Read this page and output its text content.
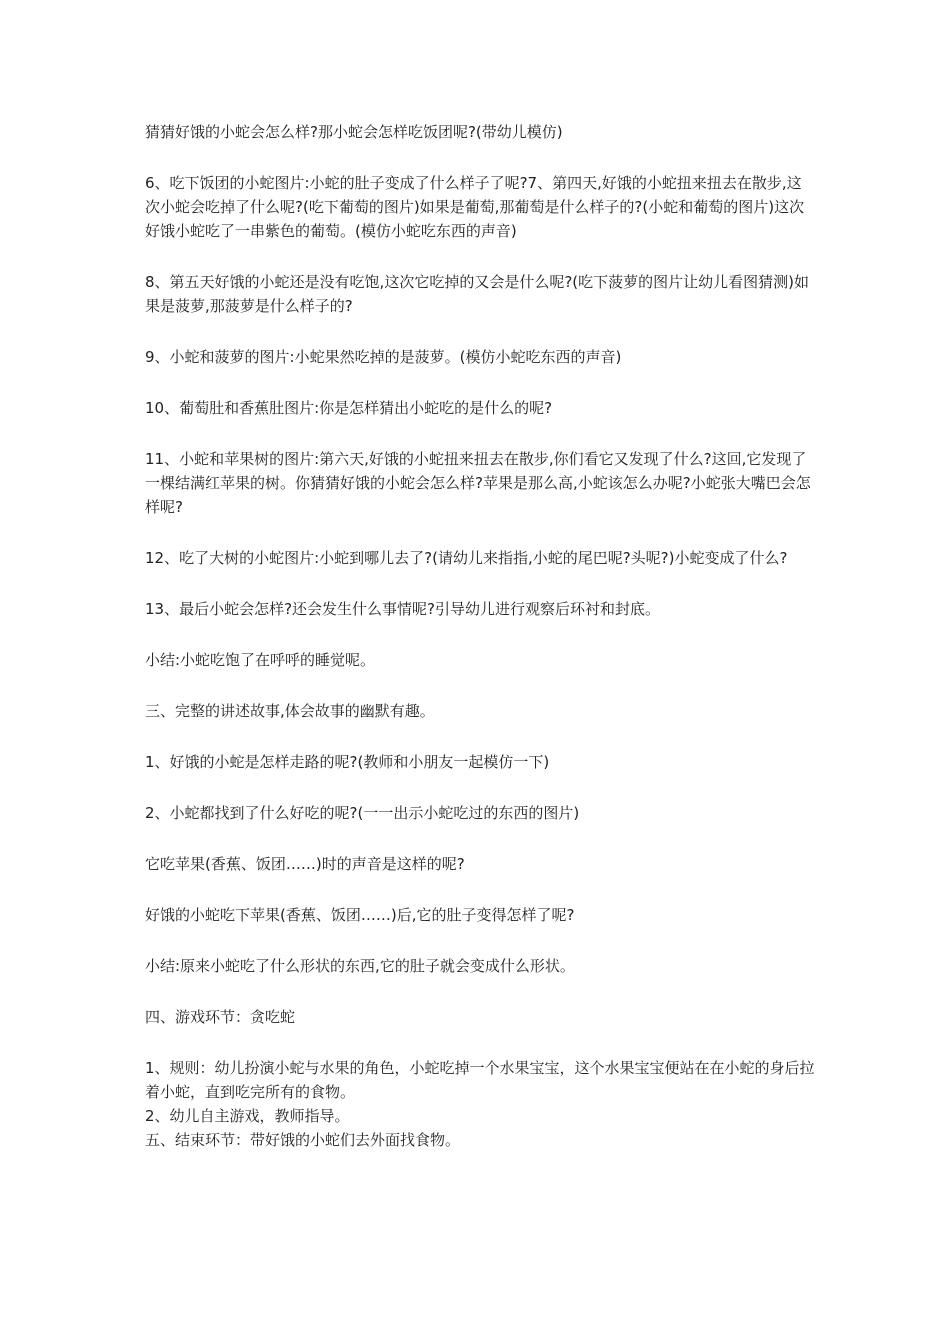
猜猜好饿的小蛇会怎么样?那小蛇会怎样吃饭团呢?(带幼儿模仿)

6、吃下饭团的小蛇图片:小蛇的肚子变成了什么样子了呢?7、第四天,好饿的小蛇扭来扭去在散步,这次小蛇会吃掉了什么呢?(吃下葡萄的图片)如果是葡萄,那葡萄是什么样子的?(小蛇和葡萄的图片)这次好饿小蛇吃了一串紫色的葡萄。(模仿小蛇吃东西的声音)

8、第五天好饿的小蛇还是没有吃饱,这次它吃掉的又会是什么呢?(吃下菠萝的图片让幼儿看图猜测)如果是菠萝,那菠萝是什么样子的?

9、小蛇和菠萝的图片:小蛇果然吃掉的是菠萝。(模仿小蛇吃东西的声音)

10、葡萄肚和香蕉肚图片:你是怎样猜出小蛇吃的是什么的呢?

11、小蛇和苹果树的图片:第六天,好饿的小蛇扭来扭去在散步,你们看它又发现了什么?这回,它发现了一棵结满红苹果的树。你猜猜好饿的小蛇会怎么样?苹果是那么高,小蛇该怎么办呢?小蛇张大嘴巴会怎样呢?

12、吃了大树的小蛇图片:小蛇到哪儿去了?(请幼儿来指指,小蛇的尾巴呢?头呢?)小蛇变成了什么?

13、最后小蛇会怎样?还会发生什么事情呢?引导幼儿进行观察后环衬和封底。

小结:小蛇吃饱了在呼呼的睡觉呢。

三、完整的讲述故事,体会故事的幽默有趣。

1、好饿的小蛇是怎样走路的呢?(教师和小朋友一起模仿一下)

2、小蛇都找到了什么好吃的呢?(一一出示小蛇吃过的东西的图片)

它吃苹果(香蕉、饭团……)时的声音是这样的呢?

好饿的小蛇吃下苹果(香蕉、饭团……)后,它的肚子变得怎样了呢?

小结:原来小蛇吃了什么形状的东西,它的肚子就会变成什么形状。

四、游戏环节：贪吃蛇

1、规则：幼儿扮演小蛇与水果的角色，小蛇吃掉一个水果宝宝，这个水果宝宝便站在在小蛇的身后拉着小蛇，直到吃完所有的食物。

2、幼儿自主游戏，教师指导。

五、结束环节：带好饿的小蛇们去外面找食物。
